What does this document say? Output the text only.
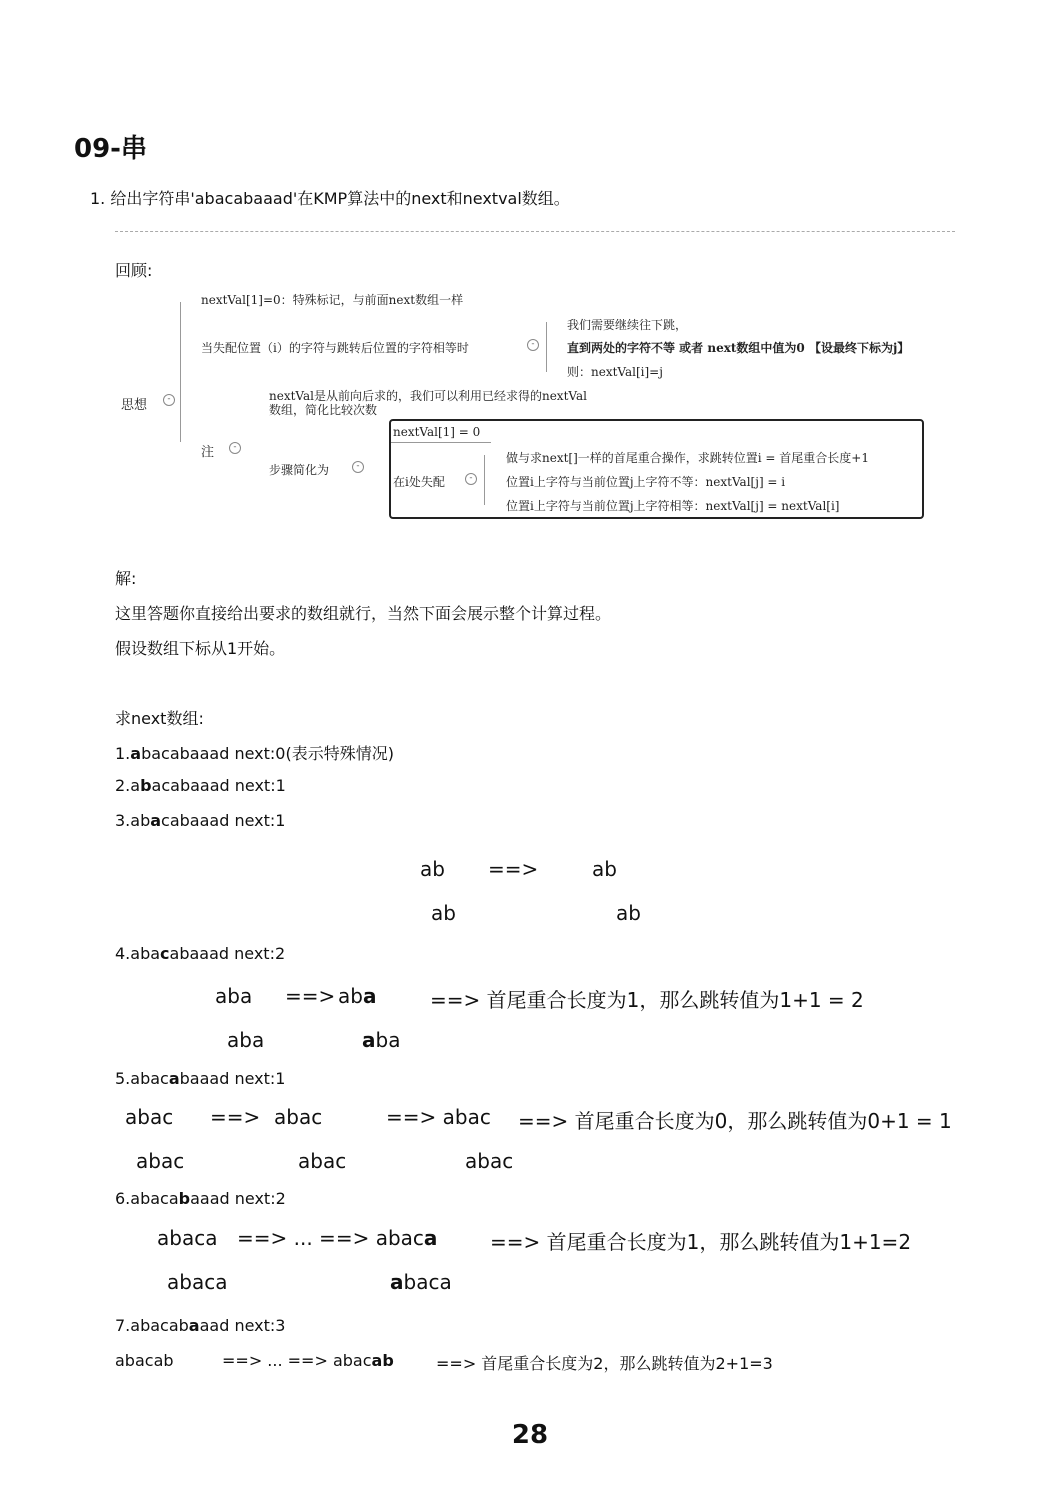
09-串
1. 给出字符串'abacabaaad'在KMP算法中的next和nextval数组。
回顾:
思想	-
nextVal[1]=0：特殊标记，与前面next数组一样
当失配位置（i）的字符与跳转后位置的字符相等时	-
我们需要继续往下跳，
直到两处的字符不等 或者 next数组中值为0 【设最终下标为j】
则：nextVal[i]=j
nextVal是从前向后求的，我们可以利用已经求得的nextVal
数组，简化比较次数
注	-
步骤简化为	-
nextVal[1] = 0
在i处失配	-
做与求next[]一样的首尾重合操作，求跳转位置i = 首尾重合长度+1
位置i上字符与当前位置j上字符不等：nextVal[j] = i
位置i上字符与当前位置j上字符相等：nextVal[j] = nextVal[i]
解:
这里答题你直接给出要求的数组就行，当然下面会展示整个计算过程。
假设数组下标从1开始。
求next数组:
1.abacabaaad next:0(表示特殊情况)
2.abacabaaad next:1
3.abacabaaad next:1
ab ==>	ab
ab	ab
4.abacabaaad next:2
aba ==> aba	==> 首尾重合长度为1，那么跳转值为1+1 = 2
aba	aba
5.abacabaaad next:1
abac ==> abac	==> abac ==> 首尾重合长度为0，那么跳转值为0+1 = 1
abac	abac	abac
6.abacabaaad next:2
abaca ==> ... ==> abaca	==> 首尾重合长度为1，那么跳转值为1+1=2
abaca	abaca
7.abacabaaad next:3
abacab	==> ... ==> abacab	==> 首尾重合长度为2，那么跳转值为2+1=3
28
